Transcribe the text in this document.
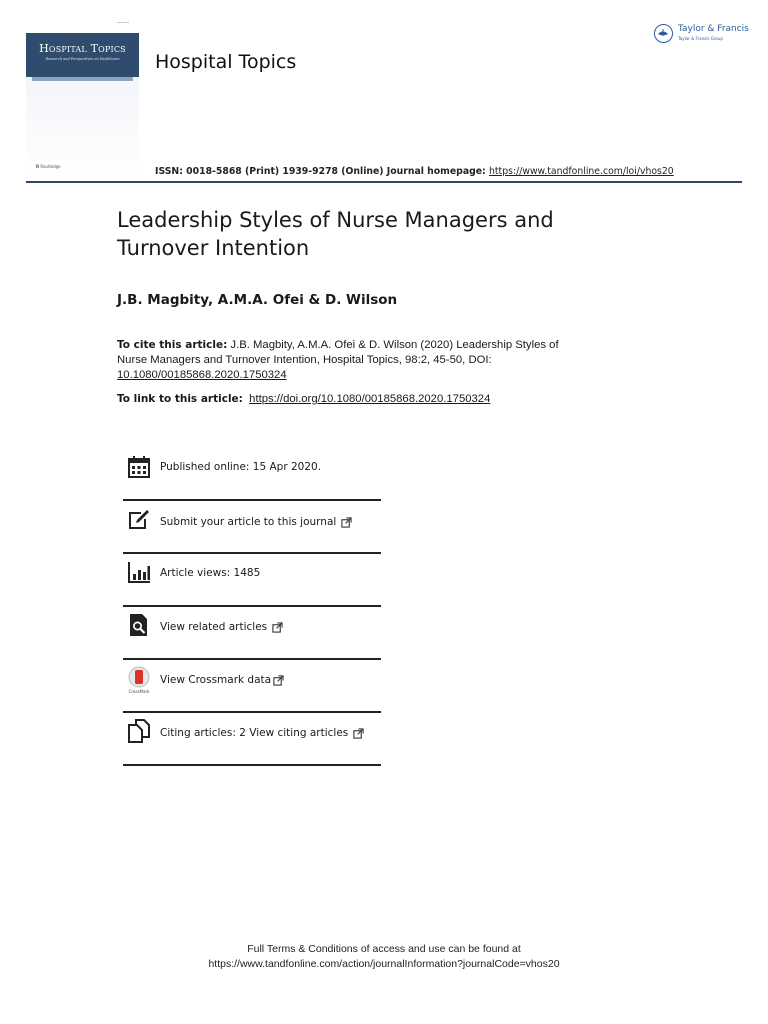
Hospital Topics
Research and Perspectives on Healthcare
R Routledge
Hospital Topics
Taylor & Francis
Taylor & Francis Group
ISSN: 0018-5868 (Print) 1939-9278 (Online) Journal homepage: https://www.tandfonline.com/loi/vhos20
Leadership Styles of Nurse Managers and Turnover Intention
J.B. Magbity, A.M.A. Ofei & D. Wilson
To cite this article: J.B. Magbity, A.M.A. Ofei & D. Wilson (2020) Leadership Styles of Nurse Managers and Turnover Intention, Hospital Topics, 98:2, 45-50, DOI: 10.1080/00185868.2020.1750324
To link to this article: https://doi.org/10.1080/00185868.2020.1750324
Published online: 15 Apr 2020.
Submit your article to this journal
Article views: 1485
View related articles
CrossMark
View Crossmark data
Citing articles: 2 View citing articles
Full Terms & Conditions of access and use can be found at
https://www.tandfonline.com/action/journalInformation?journalCode=vhos20
